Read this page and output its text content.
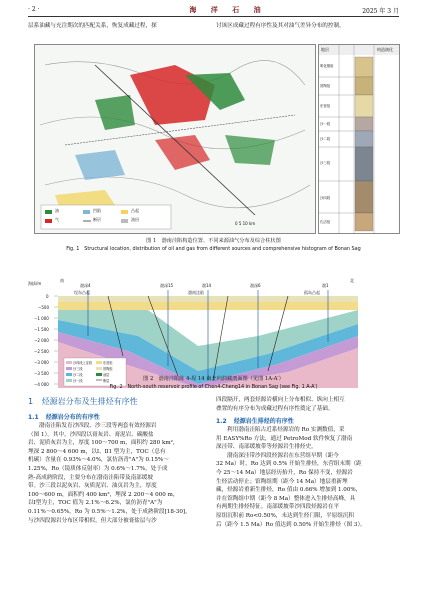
· 2 ·	海 洋 石 油	2025 年 3 月
层系油藏与充注期次的匹配关系，恢复成藏过程，探	讨该区成藏过程有序性及其对油气差异分布的控制。
油
气
凹陷
断层
凸起
油田
0 5 10 km
地层	构造演化
明化镇组
馆陶组
东营组
沙一段
沙二段
沙三段
沙四段
孔店组
图 1　渤南洼陷构造位置、不同来源油气分布及综合柱状图
Fig. 1　Structural location, distribution of oil and gas from different sources and comprehensive histogram of Bonan Sag
海拔/m
0
−500
−1 000
−1 500
−2 000
−2 500
−3 000
−3 500
−4 000
南	北
渤深4	渤深15	渤14	渤深6	渤1
埕东凸起	渤南洼陷	孤岛凸起
沙四段上亚段
沙三段
沙二段
沙一段
东营组
馆陶组
油层
断层	图 2　渤南洼陷陈 4-埕 14 南北向油藏剖面图（见图 1A-A′）
Fig. 2　North-south reservoir profile of Chen4-Cheng14 in Bonan Sag (see Fig. 1 A-A′)
1 烃源岩分布及生排烃有序性
1.1 烃源岩分布的有序性
渤南洼陷发育沙四段、沙三段等两套有效烃源岩
（图 1）。其中，沙四段以膏灰岩、膏泥岩、碳酸盐
岩、泥质灰岩为主，厚度 100～700 m，面积约 280 km²，
埋深 2 800～4 600 m，以Ⅰ、Ⅱ1 型为主，TOC（总有
机碳）含量在 0.93%～4.0%，氯仿沥青"A"为 0.15%～
1.25%，Ro（镜质体反射率）为 0.6%～1.7%，处于成
熟-高成熟阶段，主要分布在渤南洼陷带及南部缓坡
带。沙三段以泥灰岩、灰质泥岩、油页岩为主，厚度
100～600 m，面积约 400 km²，埋深 2 200～4 000 m，
以Ⅰ型为主，TOC 值为 2.1%～6.2%，氯仿沥青"A"为
0.11%～0.65%，Ro 为 0.5%～1.2%，处于成熟阶段[18-30]，
与沙四段源岩分布区带相似，但大部分被膏盐层与沙
四段隔开，两套烃源岩横向上分布相似、纵向上相互
叠置的有序分布为成藏过程有序性奠定了基础。
1.2 烃源岩生排烃的有序性
利用渤南洼陷古近系烃源岩的 Ro 实测数值，采
用 EASY%Ro 方法，通过 PetroMod 软件恢复了渤南
深洼带、南部缓坡带等烃源岩生排烃史。
渤南深洼带沙四段烃源岩在东营组早期（距今
32 Ma）时，Ro 达到 0.5% 开始生排烃，东营组末期（距
今 25～14 Ma）地层经历抬升，Ro 保持不变，烃源岩
生烃活动停止；馆陶组期（距今 14 Ma）地层重新埋
藏，烃源岩重新生排烃，Ro 值由 0.66% 增加到 1.00%，
并在馆陶组中期（距今 8 Ma）整体进入生排烃高峰，具
有两期生排烃特征。南部缓坡带沙四段烃源岩在平
原组沉积前 Ro<0.50%，未达到生烃门限，平原组沉积
后（距今 1.5 Ma）Ro 值达到 0.50% 开始生排烃（图 3）。
